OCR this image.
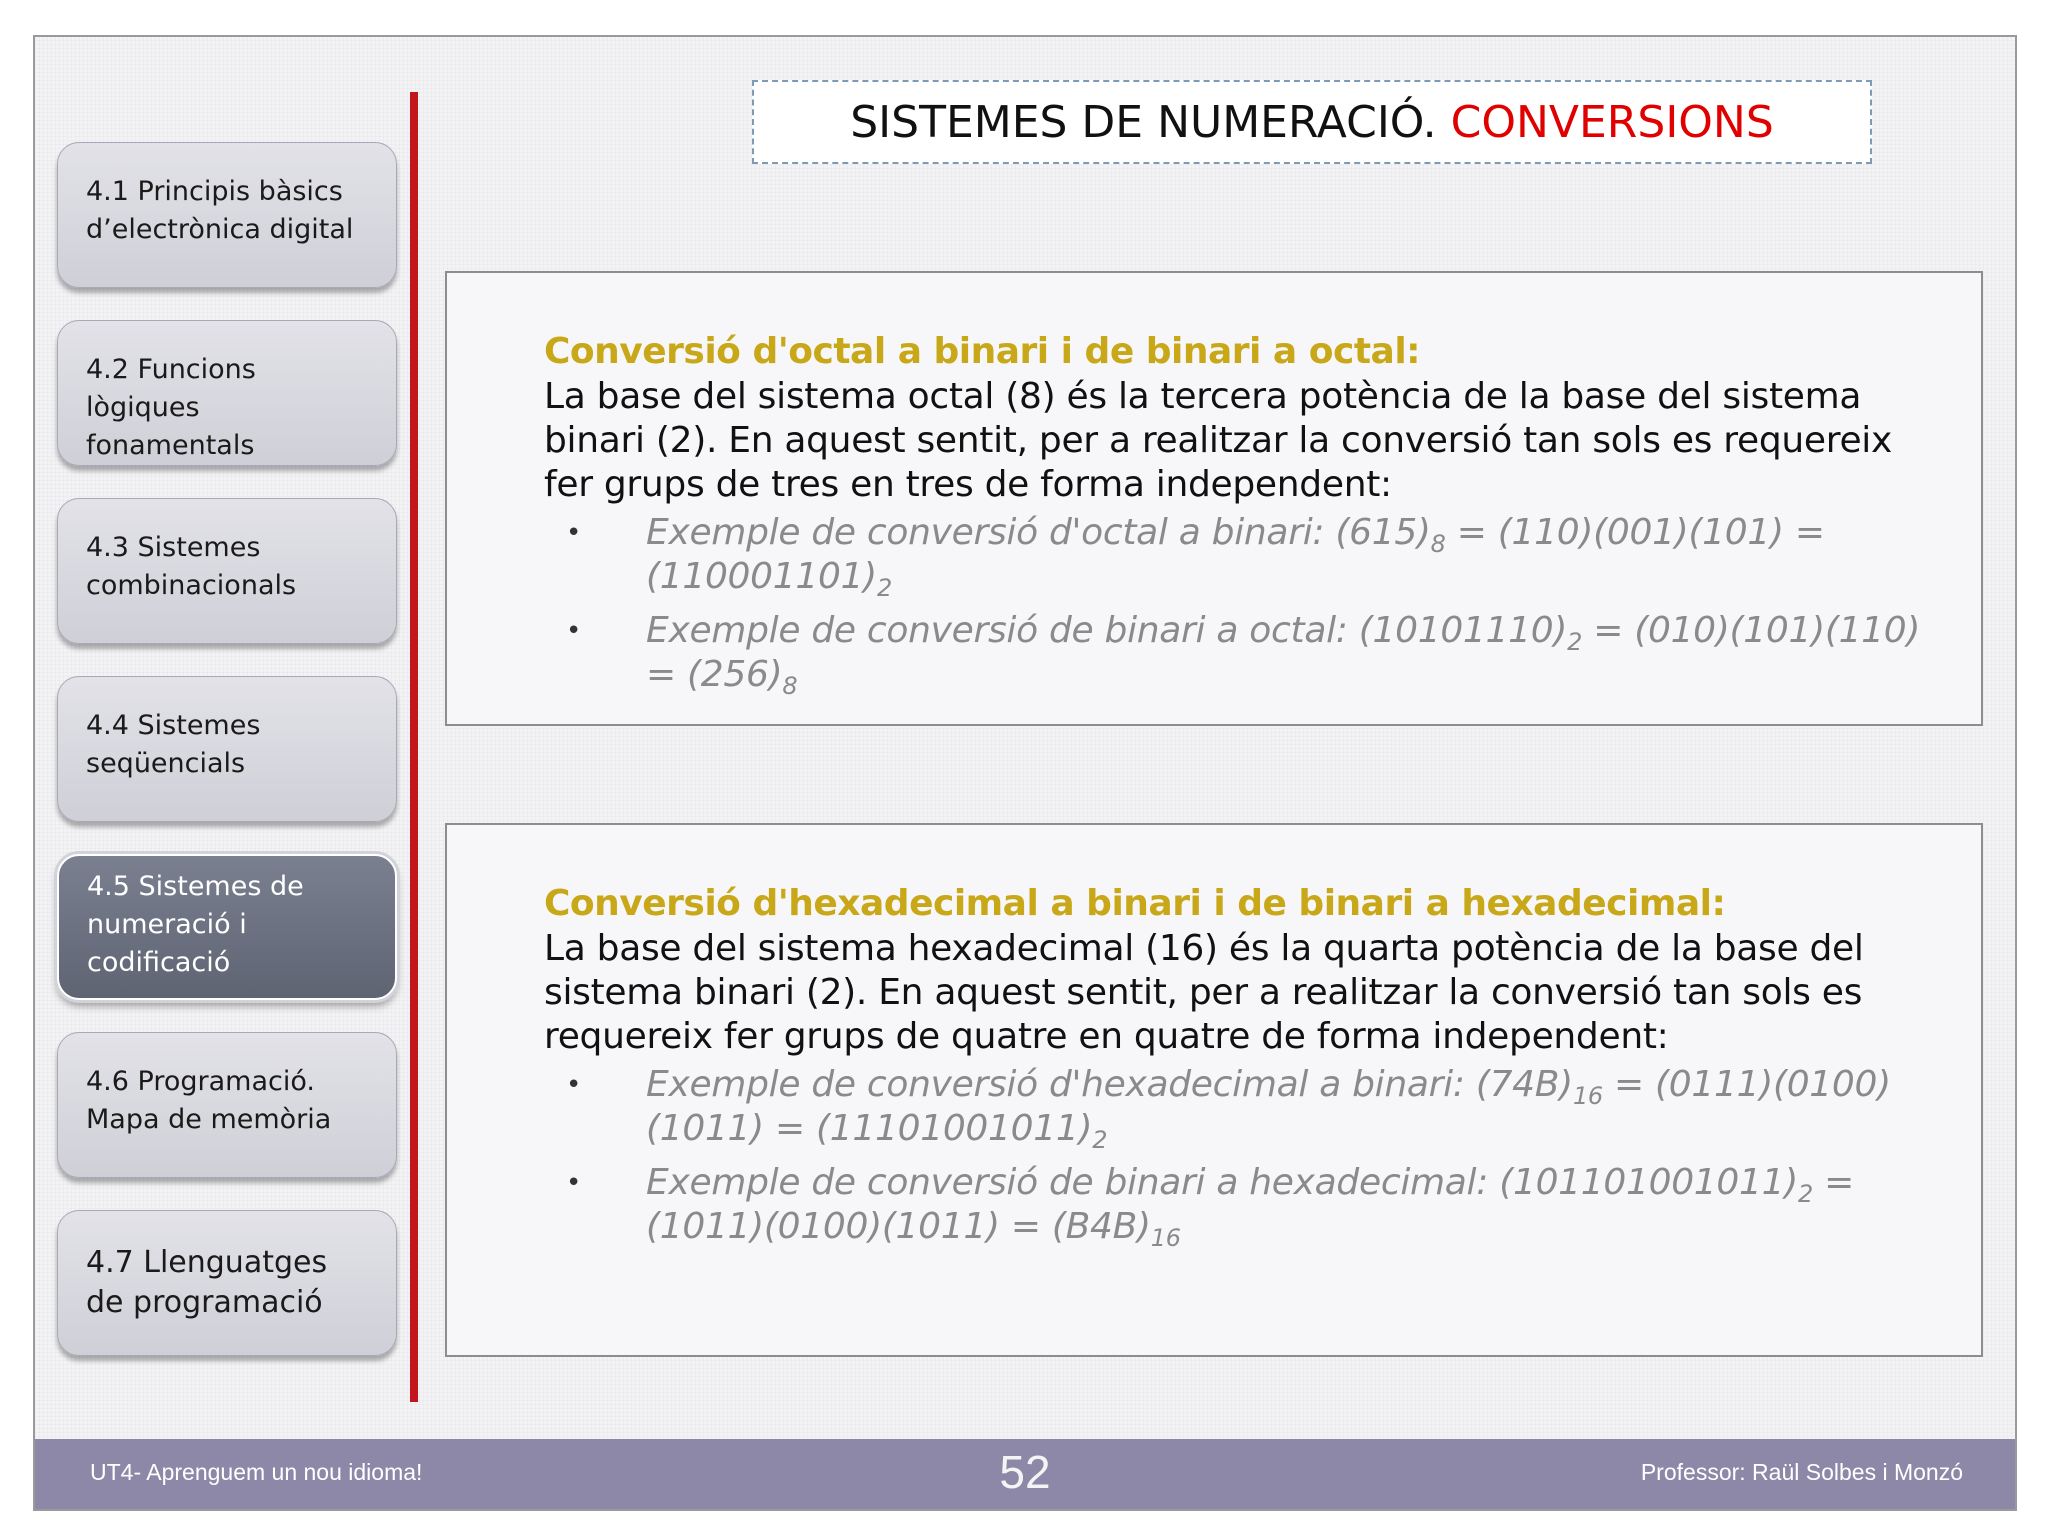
SISTEMES DE NUMERACIÓ. CONVERSIONS
4.1 Principis bàsics d’electrònica digital
4.2 Funcions lògiques fonamentals
4.3 Sistemes combinacionals
4.4 Sistemes seqüencials
4.5 Sistemes de numeració i codificació
4.6 Programació. Mapa de memòria
4.7 Llenguatges de programació
Conversió d'octal a binari i de binari a octal:
La base del sistema octal (8) és la tercera potència de la base del sistema binari (2). En aquest sentit, per a realitzar la conversió tan sols es requereix fer grups de tres en tres de forma independent:
• Exemple de conversió d'octal a binari: $(615)_8 = (110)(001)(101) = (110001101)_2$
• Exemple de conversió de binari a octal: $(10101110)_2 = (010)(101)(110) = (256)_8$
Conversió d'hexadecimal a binari i de binari a hexadecimal:
La base del sistema hexadecimal (16) és la quarta potència de la base del sistema binari (2). En aquest sentit, per a realitzar la conversió tan sols es requereix fer grups de quatre en quatre de forma independent:
• Exemple de conversió d'hexadecimal a binari: $(74B)_{16} = (0111)(0100)(1011) = (11101001011)_2$
• Exemple de conversió de binari a hexadecimal: $(101101001011)_2 = (1011)(0100)(1011) = (B4B)_{16}$
UT4- Aprenguem un nou idioma!	52	Professor: Raül Solbes i Monzó
